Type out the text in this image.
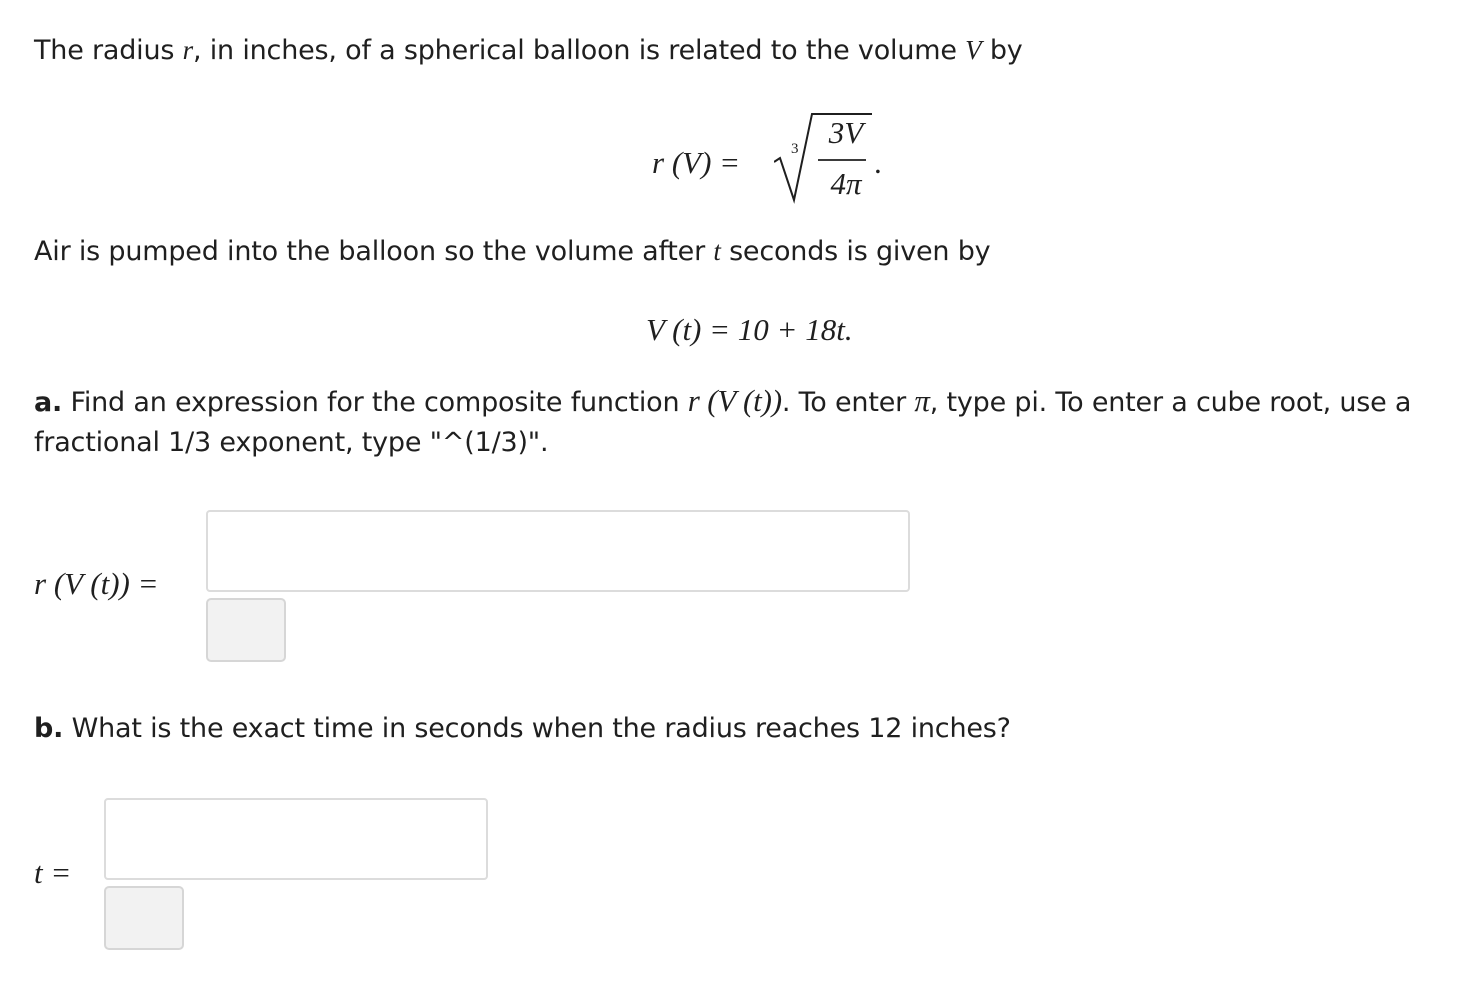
The radius r, in inches, of a spherical balloon is related to the volume V by
r (V) =	3 3V
4π
.
Air is pumped into the balloon so the volume after t seconds is given by
V (t) = 10 + 18t.
a. Find an expression for the composite function r (V (t)). To enter π, type pi. To enter a cube root, use a fractional 1/3 exponent, type "^(1/3)".
r (V (t)) =
b. What is the exact time in seconds when the radius reaches 12 inches?
t =
